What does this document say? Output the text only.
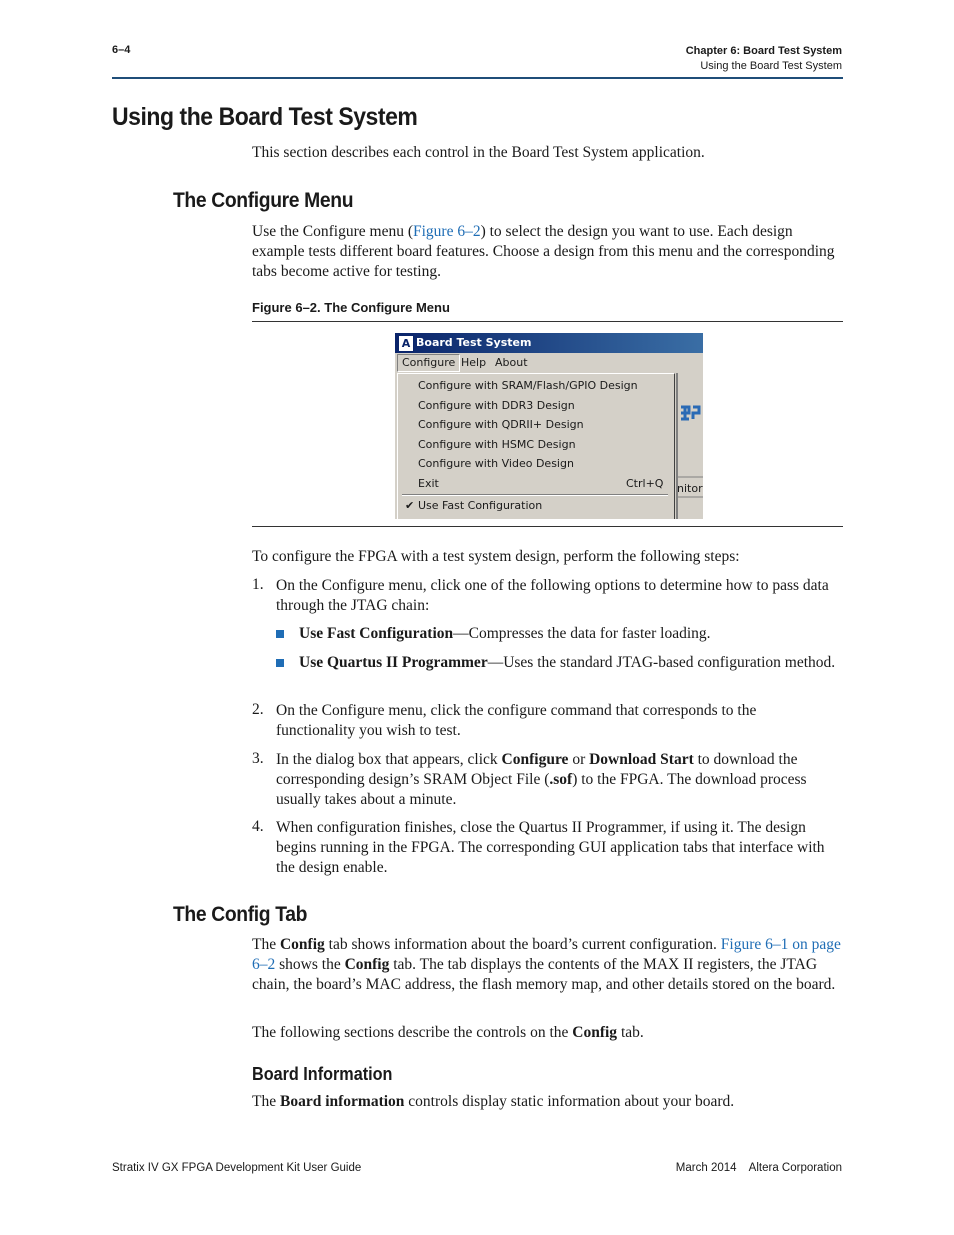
6–4	Chapter 6: Board Test System
Using the Board Test System
Using the Board Test System

This section describes each control in the Board Test System application.

The Configure Menu

Use the Configure menu (Figure 6–2) to select the design you want to use. Each design example tests different board features. Choose a design from this menu and the corresponding tabs become active for testing.

Figure 6–2. The Configure Menu
A Board Test System
Configure Help About
nitor
Configure with SRAM/Flash/GPIO Design
Configure with DDR3 Design
Configure with QDRII+ Design
Configure with HSMC Design
Configure with Video Design
Exit	Ctrl+Q
✔ Use Fast Configuration

To configure the FPGA with a test system design, perform the following steps:

1. On the Configure menu, click one of the following options to determine how to pass data through the JTAG chain:

Use Fast Configuration—Compresses the data for faster loading.

Use Quartus II Programmer—Uses the standard JTAG-based configuration method.

2. On the Configure menu, click the configure command that corresponds to the functionality you wish to test.

3. In the dialog box that appears, click Configure or Download Start to download the corresponding design’s SRAM Object File (.sof) to the FPGA. The download process usually takes about a minute.

4. When configuration finishes, close the Quartus II Programmer, if using it. The design begins running in the FPGA. The corresponding GUI application tabs that interface with the design enable.

The Config Tab

The Config tab shows information about the board’s current configuration. Figure 6–1 on page 6–2 shows the Config tab. The tab displays the contents of the MAX II registers, the JTAG chain, the board’s MAC address, the flash memory map, and other details stored on the board.

The following sections describe the controls on the Config tab.

Board Information

The Board information controls display static information about your board.

Stratix IV GX FPGA Development Kit User Guide	March 2014    Altera Corporation
